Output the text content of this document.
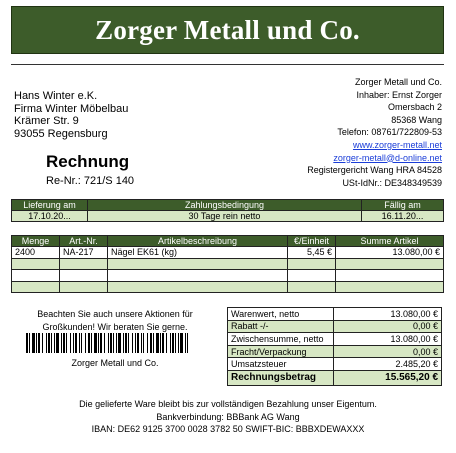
Zorger Metall und Co.
Hans Winter e.K.
Firma Winter Möbelbau
Krämer Str. 9
93055 Regensburg
Zorger Metall und Co.
Inhaber: Ernst Zorger
Omersbach 2
85368 Wang
Telefon: 08761/722809-53
www.zorger-metall.net
zorger-metall@d-online.net
Registergericht Wang HRA 84528
USt-IdNr.: DE348349539
Rechnung
Re-Nr.: 721/S 140
Lieferung am	Zahlungsbedingung	Fällig am
17.10.20...	30 Tage rein netto	16.11.20...
Menge	Art.-Nr.	Artikelbeschreibung	€/Einheit	Summe Artikel
2400	NA-217	Nägel EK61 (kg)	5,45 €	13.080,00 €

Beachten Sie auch unsere Aktionen für Großkunden! Wir beraten Sie gerne.
Zorger Metall und Co.
Warenwert, netto	13.080,00 €
Rabatt -/-	0,00 €
Zwischensumme, netto	13.080,00 €
Fracht/Verpackung	0,00 €
Umsatzsteuer	2.485,20 €
Rechnungsbetrag	15.565,20 €
Die gelieferte Ware bleibt bis zur vollständigen Bezahlung unser Eigentum.
Bankverbindung: BBBank AG Wang
IBAN: DE62 9125 3700 0028 3782 50 SWIFT-BIC: BBBXDEWAXXX
